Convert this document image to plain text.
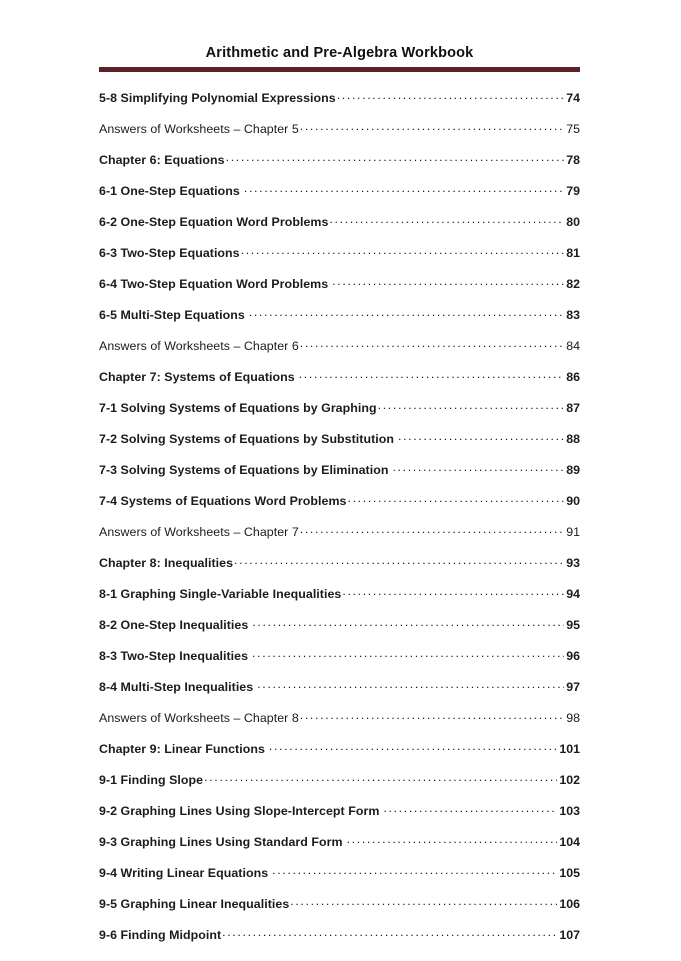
Arithmetic and Pre-Algebra Workbook
5-8 Simplifying Polynomial Expressions . . .	74
Answers of Worksheets – Chapter 5 . . .	75
Chapter 6: Equations . . .	78
6-1 One-Step Equations . . .	79
6-2 One-Step Equation Word Problems . . .	80
6-3 Two-Step Equations . . .	81
6-4 Two-Step Equation Word Problems . . .	82
6-5 Multi-Step Equations . . .	83
Answers of Worksheets – Chapter 6 . . .	84
Chapter 7: Systems of Equations . . .	86
7-1 Solving Systems of Equations by Graphing . . .	87
7-2 Solving Systems of Equations by Substitution . . .	88
7-3 Solving Systems of Equations by Elimination . . .	89
7-4 Systems of Equations Word Problems . . .	90
Answers of Worksheets – Chapter 7 . . .	91
Chapter 8: Inequalities . . .	93
8-1 Graphing Single-Variable Inequalities . . .	94
8-2 One-Step Inequalities . . .	95
8-3 Two-Step Inequalities . . .	96
8-4 Multi-Step Inequalities . . .	97
Answers of Worksheets – Chapter 8 . . .	98
Chapter 9: Linear Functions . . .	101
9-1 Finding Slope . . .	102
9-2 Graphing Lines Using Slope-Intercept Form . . .	103
9-3 Graphing Lines Using Standard Form . . .	104
9-4 Writing Linear Equations . . .	105
9-5 Graphing Linear Inequalities . . .	106
9-6 Finding Midpoint . . .	107
